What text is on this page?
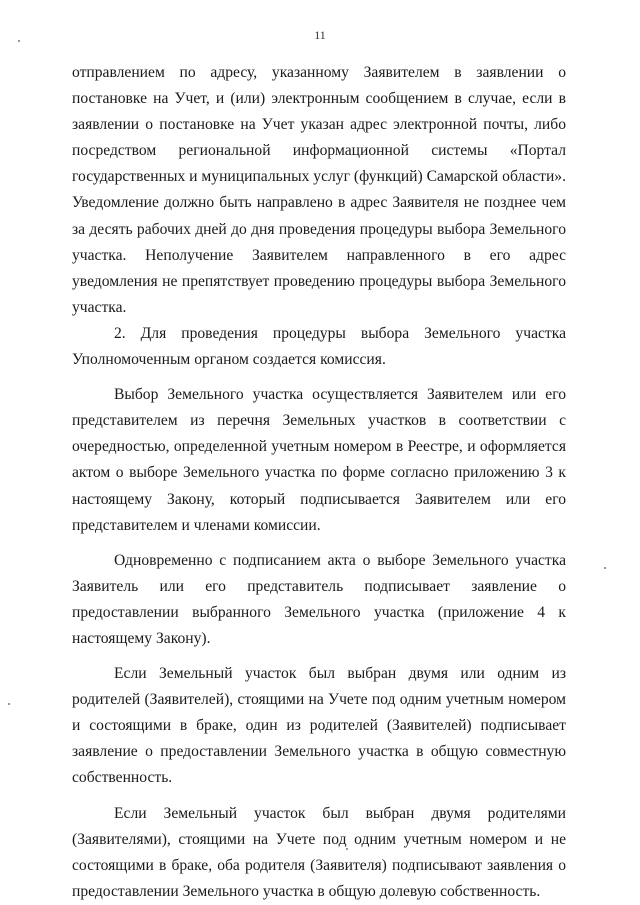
11

отправлением по адресу, указанному Заявителем в заявлении о постановке на Учет, и (или) электронным сообщением в случае, если в заявлении о постановке на Учет указан адрес электронной почты, либо посредством региональной информационной системы «Портал государственных и муниципальных услуг (функций) Самарской области». Уведомление должно быть направлено в адрес Заявителя не позднее чем за десять рабочих дней до дня проведения процедуры выбора Земельного участка. Неполучение Заявителем направленного в его адрес уведомления не препятствует проведению процедуры выбора Земельного участка.

2. Для проведения процедуры выбора Земельного участка Уполномоченным органом создается комиссия.

Выбор Земельного участка осуществляется Заявителем или его представителем из перечня Земельных участков в соответствии с очередностью, определенной учетным номером в Реестре, и оформляется актом о выборе Земельного участка по форме согласно приложению 3 к настоящему Закону, который подписывается Заявителем или его представителем и членами комиссии.

Одновременно с подписанием акта о выборе Земельного участка Заявитель или его представитель подписывает заявление о предоставлении выбранного Земельного участка (приложение 4 к настоящему Закону).

Если Земельный участок был выбран двумя или одним из родителей (Заявителей), стоящими на Учете под одним учетным номером и состоящими в браке, один из родителей (Заявителей) подписывает заявление о предоставлении Земельного участка в общую совместную собственность.

Если Земельный участок был выбран двумя родителями (Заявителями), стоящими на Учете под одним учетным номером и не состоящими в браке, оба родителя (Заявителя) подписывают заявления о предоставлении Земельного участка в общую долевую собственность.
